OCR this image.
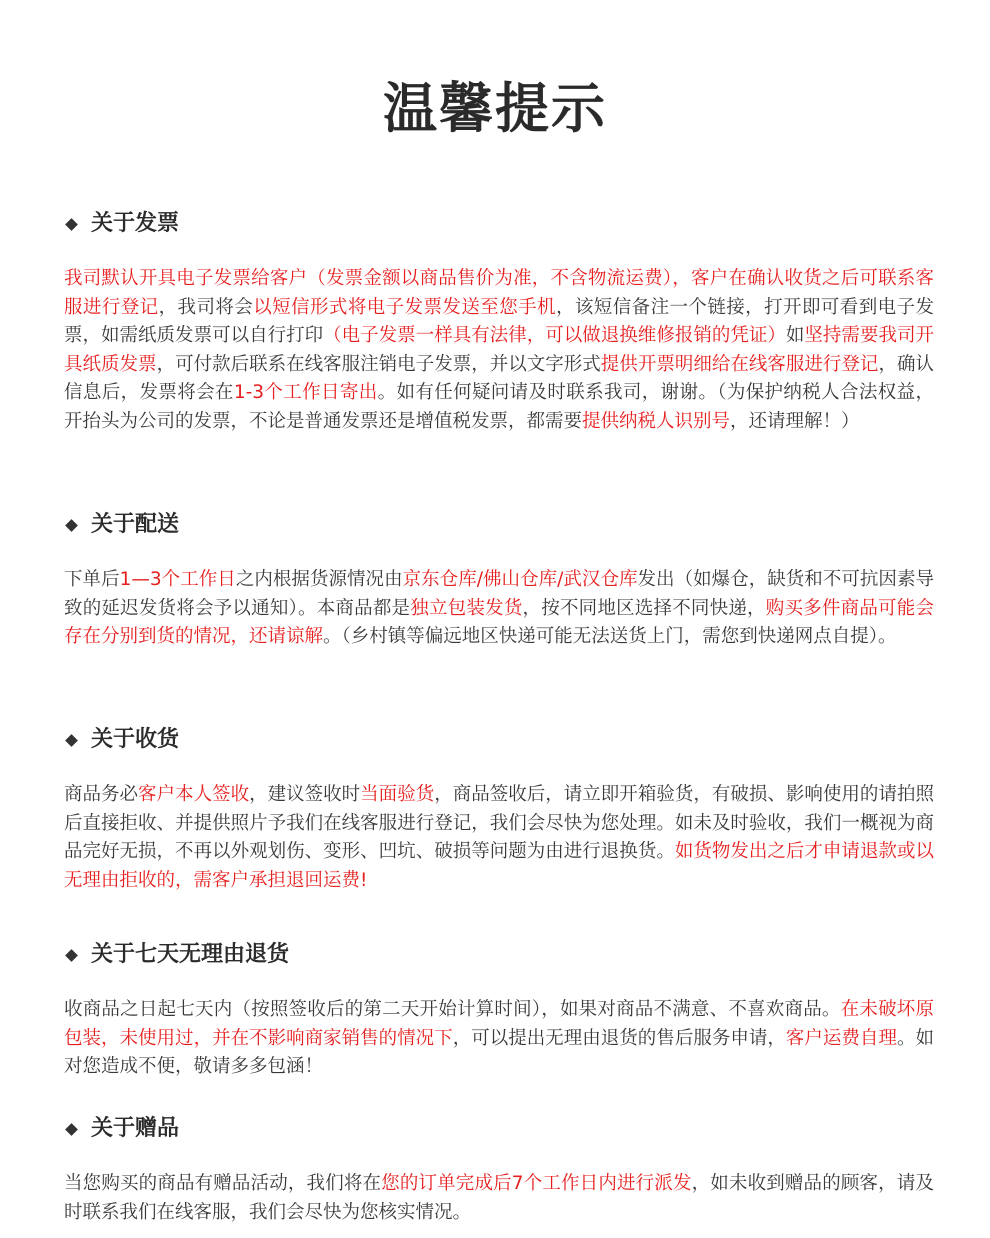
温馨提示
关于发票
我司默认开具电子发票给客户（发票金额以商品售价为准，不含物流运费），客户在确认收货之后可联系客服进行登记，我司将会以短信形式将电子发票发送至您手机，该短信备注一个链接，打开即可看到电子发票，如需纸质发票可以自行打印（电子发票一样具有法律，可以做退换维修报销的凭证）如坚持需要我司开具纸质发票，可付款后联系在线客服注销电子发票，并以文字形式提供开票明细给在线客服进行登记，确认信息后，发票将会在1-3个工作日寄出。如有任何疑问请及时联系我司，谢谢。（为保护纳税人合法权益，开抬头为公司的发票，不论是普通发票还是增值税发票，都需要提供纳税人识别号，还请理解！）
关于配送
下单后1—3个工作日之内根据货源情况由京东仓库/佛山仓库/武汉仓库发出（如爆仓，缺货和不可抗因素导致的延迟发货将会予以通知）。本商品都是独立包装发货，按不同地区选择不同快递，购买多件商品可能会存在分别到货的情况，还请谅解。（乡村镇等偏远地区快递可能无法送货上门，需您到快递网点自提）。
关于收货
商品务必客户本人签收，建议签收时当面验货，商品签收后，请立即开箱验货，有破损、影响使用的请拍照后直接拒收、并提供照片予我们在线客服进行登记，我们会尽快为您处理。如未及时验收，我们一概视为商品完好无损，不再以外观划伤、变形、凹坑、破损等问题为由进行退换货。如货物发出之后才申请退款或以无理由拒收的，需客户承担退回运费!
关于七天无理由退货
收商品之日起七天内（按照签收后的第二天开始计算时间），如果对商品不满意、不喜欢商品。在未破坏原包装，未使用过，并在不影响商家销售的情况下，可以提出无理由退货的售后服务申请，客户运费自理。如对您造成不便，敬请多多包涵！
关于赠品
当您购买的商品有赠品活动，我们将在您的订单完成后7个工作日内进行派发，如未收到赠品的顾客，请及时联系我们在线客服，我们会尽快为您核实情况。
